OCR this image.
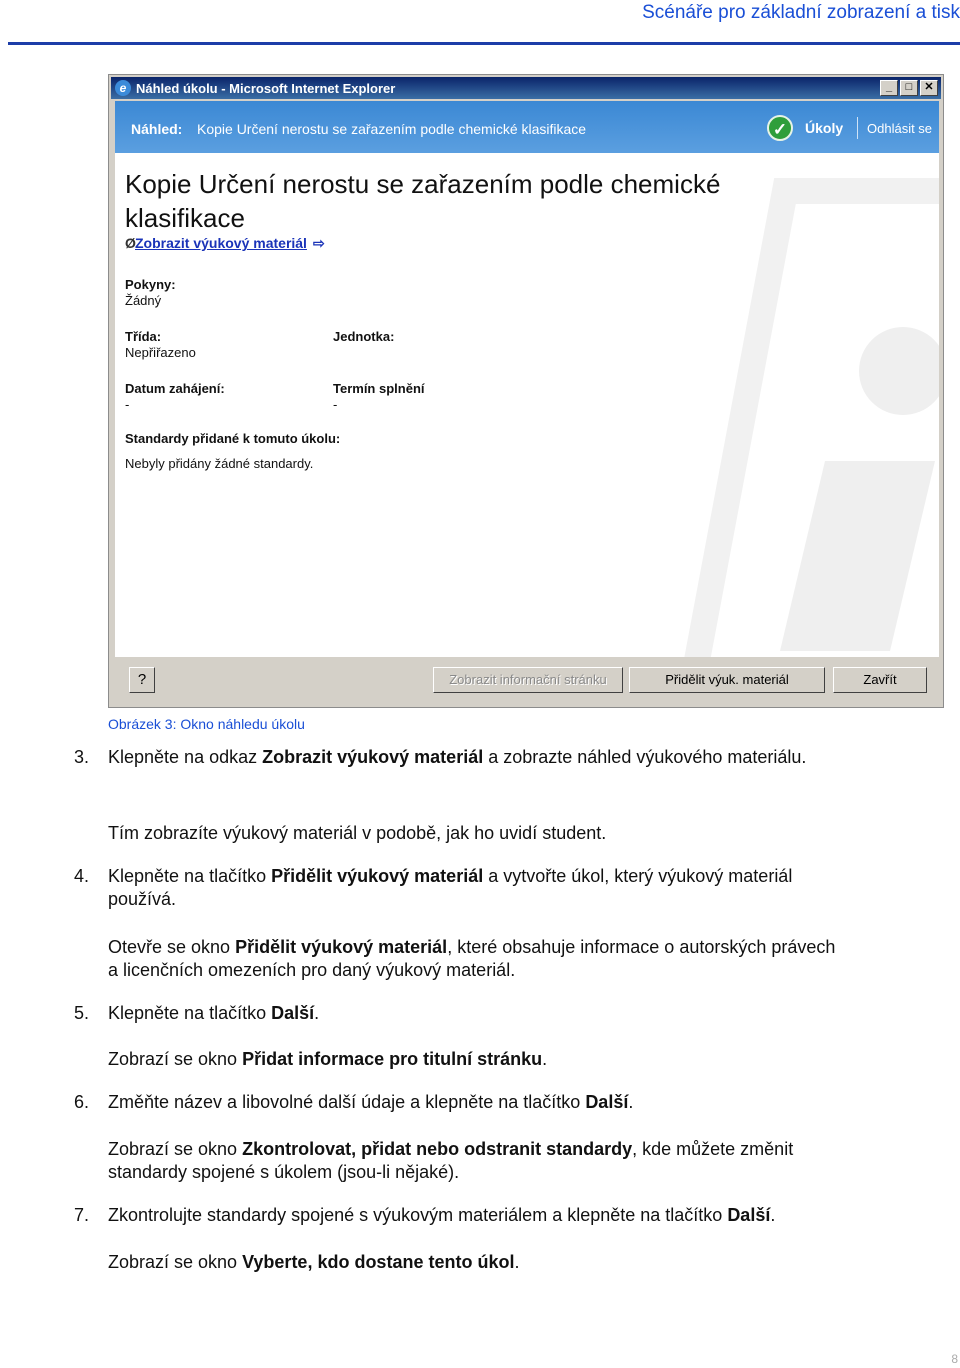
Scénáře pro základní zobrazení a tisk
e Náhled úkolu - Microsoft Internet Explorer	_	□	✕
Náhled: Kopie Určení nerostu se zařazením podle chemické klasifikace	✓	Úkoly Odhlásit se
Kopie Určení nerostu se zařazením podle chemické klasifikace
ØZobrazit výukový materiál ⇨
Pokyny:
Žádný
Třída:
Nepřiřazeno
Jednotka:
Datum zahájení:
-
Termín splnění
-
Standardy přidané k tomuto úkolu:
Nebyly přidány žádné standardy.
?	Zobrazit informační stránku	Přidělit výuk. materiál	Zavřít
Obrázek 3: Okno náhledu úkolu
3. Klepněte na odkaz Zobrazit výukový materiál a zobrazte náhled výukového materiálu.
Tím zobrazíte výukový materiál v podobě, jak ho uvidí student.
4. Klepněte na tlačítko Přidělit výukový materiál a vytvořte úkol, který výukový materiál
používá.
Otevře se okno Přidělit výukový materiál, které obsahuje informace o autorských právech
a licenčních omezeních pro daný výukový materiál.
5. Klepněte na tlačítko Další.
Zobrazí se okno Přidat informace pro titulní stránku.
6. Změňte název a libovolné další údaje a klepněte na tlačítko Další.
Zobrazí se okno Zkontrolovat, přidat nebo odstranit standardy, kde můžete změnit
standardy spojené s úkolem (jsou-li nějaké).
7. Zkontrolujte standardy spojené s výukovým materiálem a klepněte na tlačítko Další.
Zobrazí se okno Vyberte, kdo dostane tento úkol.
8
